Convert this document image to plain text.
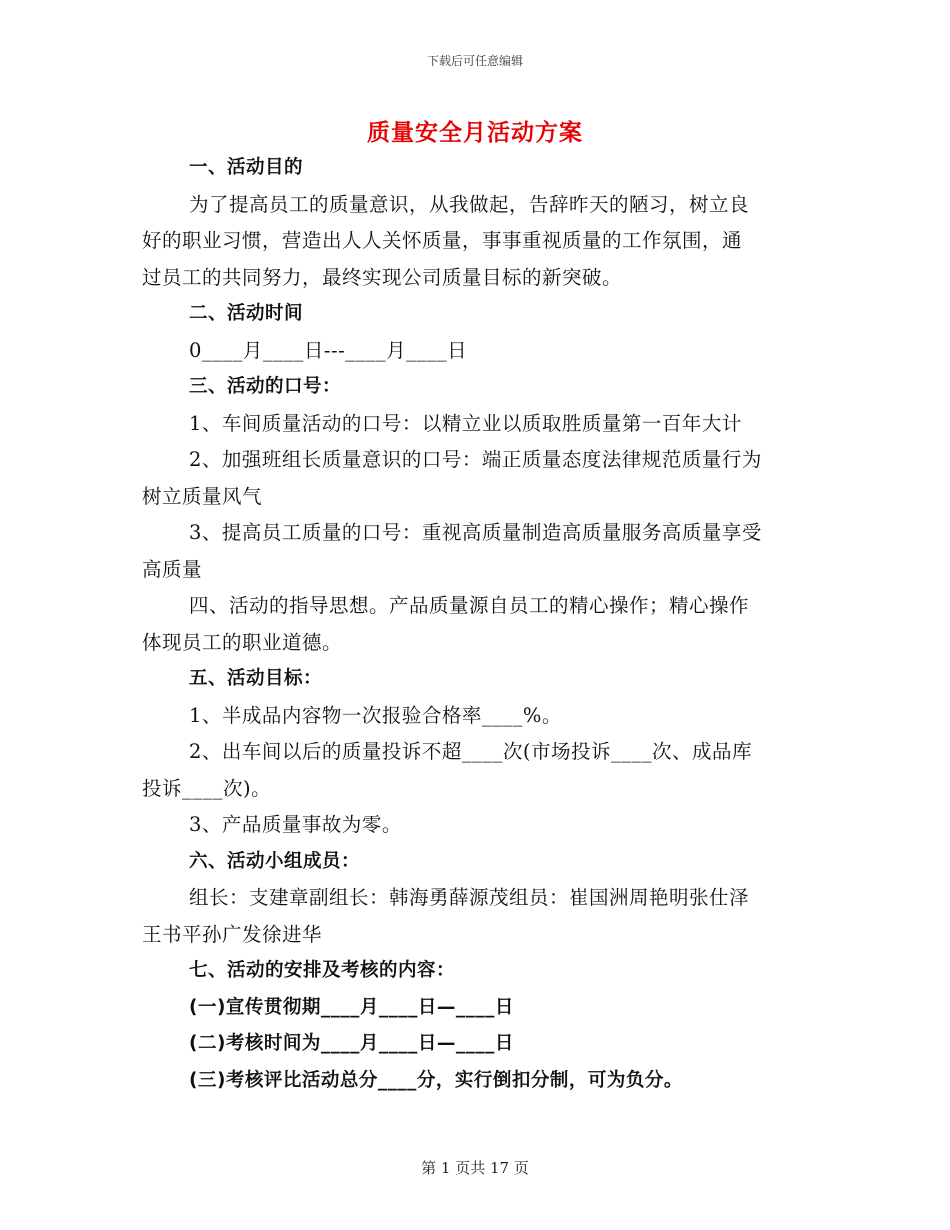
下载后可任意编辑
质量安全月活动方案
一、活动目的
为了提高员工的质量意识，从我做起，告辞昨天的陋习，树立良
好的职业习惯，营造出人人关怀质量，事事重视质量的工作氛围，通
过员工的共同努力，最终实现公司质量目标的新突破。
二、活动时间
0____月____日---____月____日
三、活动的口号：
1、车间质量活动的口号：以精立业以质取胜质量第一百年大计
2、加强班组长质量意识的口号：端正质量态度法律规范质量行为
树立质量风气
3、提高员工质量的口号：重视高质量制造高质量服务高质量享受
高质量
四、活动的指导思想。产品质量源自员工的精心操作；精心操作
体现员工的职业道德。
五、活动目标：
1、半成品内容物一次报验合格率____%。
2、出车间以后的质量投诉不超____次(市场投诉____次、成品库
投诉____次)。
3、产品质量事故为零。
六、活动小组成员：
组长：支建章副组长：韩海勇薛源茂组员：崔国洲周艳明张仕泽
王书平孙广发徐进华
七、活动的安排及考核的内容：
(一)宣传贯彻期____月____日—____日
(二)考核时间为____月____日—____日
(三)考核评比活动总分____分，实行倒扣分制，可为负分。
第 1 页共 17 页
